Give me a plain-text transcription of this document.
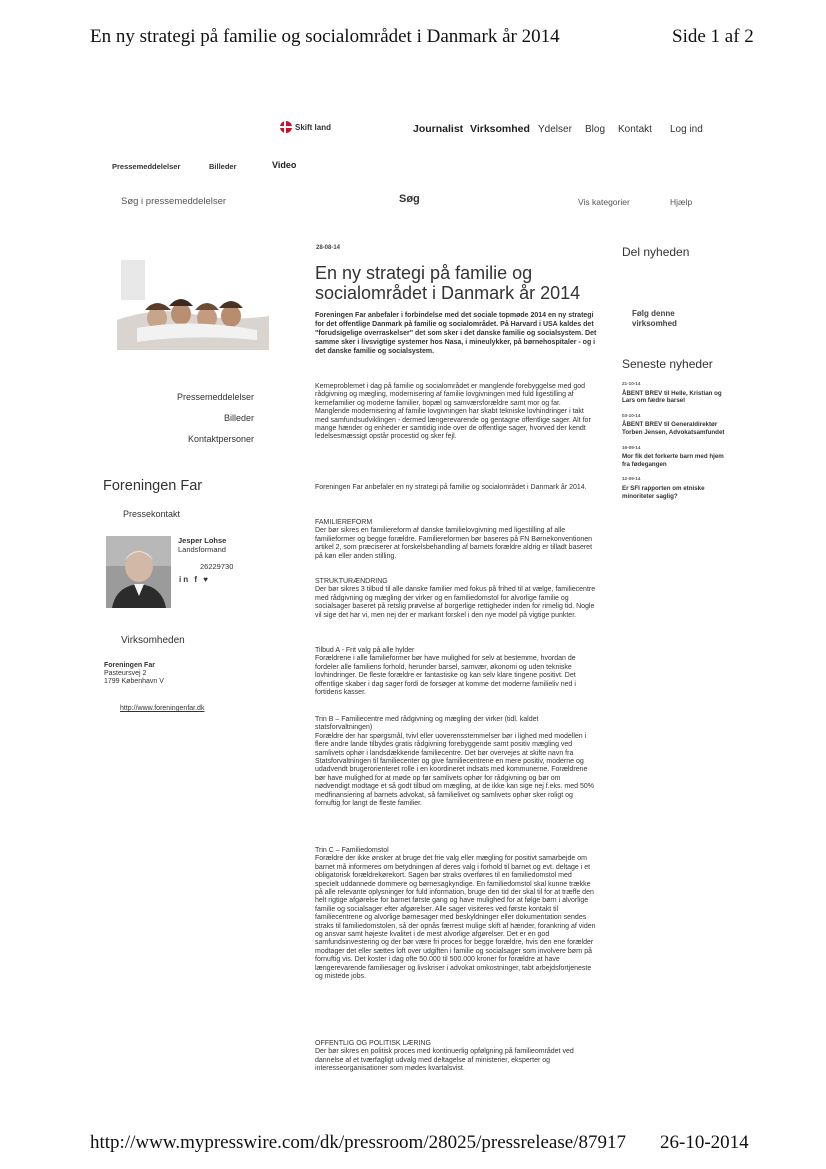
En ny strategi på familie og socialområdet i Danmark år 2014	Side 1 af 2
http://www.mypresswire.com/dk/pressroom/28025/pressrelease/87917 26-10-2014
Skift land	Journalist Virksomhed Ydelser Blog Kontakt Log ind
Pressemeddelelser	Billeder	Video
Søg i pressemeddelelser	Søg	Vis kategorier	Hjælp
Pressemeddelelser
Billeder
Kontaktpersoner
Foreningen Far
Pressekontakt
Jesper Lohse
Landsformand
26229730
in f ♥
Virksomheden
Foreningen Far
Pasteursvej 2
1799 København V
http://www.foreningenfar.dk
28-08-14
En ny strategi på familie og socialområdet i Danmark år 2014
Foreningen Far anbefaler i forbindelse med det sociale topmøde 2014 en ny strategi for det offentlige Danmark på familie og socialområdet. På Harvard i USA kaldes det "forudsigelige overraskelser" det som sker i det danske familie og socialsystem. Det samme sker i livsvigtige systemer hos Nasa, i mineulykker, på børnehospitaler - og i det danske familie og socialsystem.
Kerneproblemet i dag på familie og socialområdet er manglende forebyggelse med god rådgivning og mægling, modernisering af familie lovgivningen med fuld ligestilling af kernefamilier og moderne familier, bopæl og samværsforældre samt mor og far. Manglende modernisering af familie lovgivningen har skabt tekniske lovhindringer i takt med samfundsudviklingen - dermed længerevarende og gentagne offentlige sager. Alt for mange hænder og enheder er samtidig inde over de offentlige sager, hvorved der kendt ledelsesmæssigt opstår procestid og sker fejl.
Foreningen Far anbefaler en ny strategi på familie og socialområdet i Danmark år 2014.
FAMILIEREFORM
Der bør sikres en familiereform af danske familielovgivning med ligestilling af alle familieformer og begge forældre. Familiereformen bør baseres på FN Børnekonventionen artikel 2, som præciserer at forskelsbehandling af barnets forældre aldrig er tilladt baseret på køn eller anden stilling.
STRUKTURÆNDRING
Der bør sikres 3 tilbud til alle danske familier med fokus på frihed til at vælge, familiecentre med rådgivning og mægling der virker og en familiedomstol for alvorlige familie og socialsager baseret på retslig prøvelse af borgerlige rettigheder inden for rimelig tid. Nogle vil sige det har vi, men nej der er markant forskel i den nye model på vigtige punkter.
Tilbud A - Frit valg på alle hylder
Forældrene i alle familieformer bør have mulighed for selv at bestemme, hvordan de fordeler alle familiens forhold, herunder barsel, samvær, økonomi og uden tekniske lovhindringer. De fleste forældre er fantastiske og kan selv klare tingene positivt. Det offentlige skaber i dag sager fordi de forsøger at komme det moderne familieliv ned i fortidens kasser.
Trin B – Familiecentre med rådgivning og mægling der virker (tidl. kaldet statsforvaltningen)
Forældre der har spørgsmål, tvivl eller uoverensstemmelser bør i lighed med modellen i flere andre lande tilbydes gratis rådgivning forebyggende samt positiv mægling ved samlivets ophør i landsdækkende familiecentre. Det bør overvejes at skifte navn fra Statsforvaltningen til familiecenter og give familiecentrene en mere positiv, moderne og udadvendt brugerorienteret rolle i en koordineret indsats med kommunerne. Forældrene bør have mulighed for at møde op før samlivets ophør for rådgivning og bør om nødvendigt modtage et så godt tilbud om mægling, at de ikke kan sige nej f.eks. med 50% medfinansiering af barnets advokat, så familielivet og samlivets ophør sker roligt og fornuftig for langt de fleste familier.
Trin C – Familiedomstol
Forældre der ikke ønsker at bruge det frie valg eller mægling for positivt samarbejde om barnet må informeres om betydningen af deres valg i forhold til barnet og evt. deltage i et obligatorisk forældrekørekort. Sagen bør straks overføres til en familiedomstol med specielt uddannede dommere og børnesagkyndige. En familiedomstol skal kunne trække på alle relevante oplysninger for fuld information, bruge den tid der skal til for at træffe den helt rigtige afgørelse for barnet første gang og have mulighed for at følge børn i alvorlige familie og socialsager efter afgørelser. Alle sager visiteres ved første kontakt til familiecentrene og alvorlige børnesager med beskyldninger eller dokumentation sendes straks til familiedomstolen, så der opnås færrest mulige skift af hænder, forankring af viden og ansvar samt højeste kvalitet i de mest alvorlige afgørelser. Det er en god samfundsinvestering og der bør være fri proces for begge forældre, hvis den ene forælder modtager det eller sættes loft over udgiften i familie og socialsager som involvere børn på fornuftig vis. Det koster i dag ofte 50.000 til 500.000 kroner for forældre at have længerevarende familiesager og livskriser i advokat omkostninger, tabt arbejdsfortjeneste og mistede jobs.
OFFENTLIG OG POLITISK LÆRING
Der bør sikres en politisk proces med kontinuerlig opfølgning på familieområdet ved dannelse af et tværfagligt udvalg med deltagelse af ministerier, eksperter og interesseorganisationer som mødes kvartalsvist.
Del nyheden
Følg denne virksomhed
Seneste nyheder
21-10-14
ÅBENT BREV til Helle, Kristian og Lars om fædre barsel
03-10-14
ÅBENT BREV til Generaldirektør Torben Jensen, Advokatsamfundet
16-09-14
Mor fik det forkerte barn med hjem fra fødegangen
12-09-14
Er SFI rapporten om etniske minoriteter saglig?
